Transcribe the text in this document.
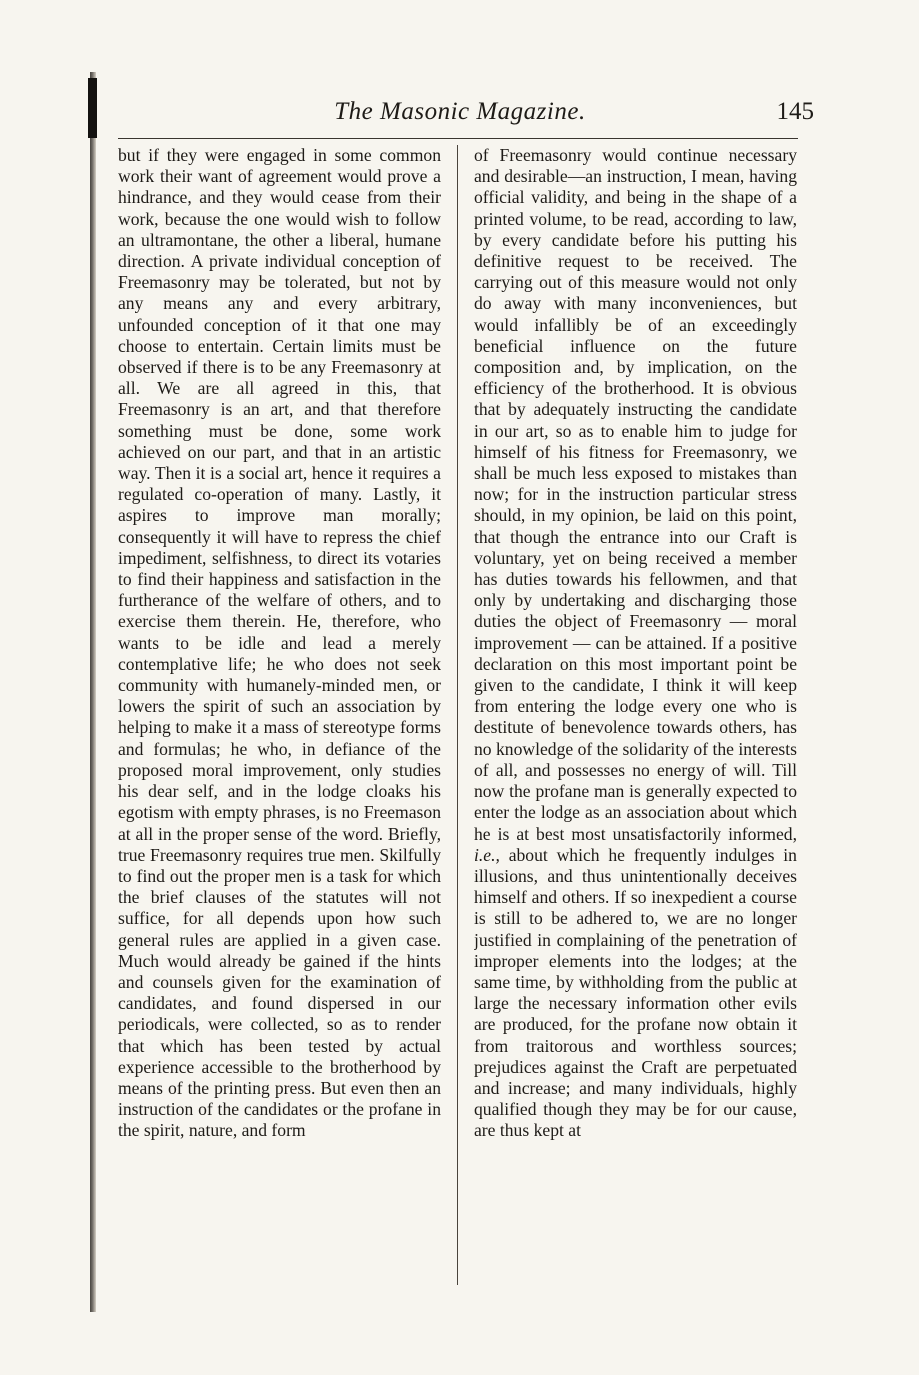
The Masonic Magazine.	145

but if they were engaged in some common work their want of agreement would prove a hindrance, and they would cease from their work, because the one would wish to follow an ultramontane, the other a liberal, humane direction. A private individual conception of Freemasonry may be tolerated, but not by any means any and every arbitrary, unfounded conception of it that one may choose to entertain. Certain limits must be observed if there is to be any Freemasonry at all. We are all agreed in this, that Freemasonry is an art, and that therefore something must be done, some work achieved on our part, and that in an artistic way. Then it is a social art, hence it requires a regulated co-operation of many. Lastly, it aspires to improve man morally; consequently it will have to repress the chief impediment, selfishness, to direct its votaries to find their happiness and satisfaction in the furtherance of the welfare of others, and to exercise them therein. He, therefore, who wants to be idle and lead a merely contemplative life; he who does not seek community with humanely-minded men, or lowers the spirit of such an association by helping to make it a mass of stereotype forms and formulas; he who, in defiance of the proposed moral improvement, only studies his dear self, and in the lodge cloaks his egotism with empty phrases, is no Freemason at all in the proper sense of the word. Briefly, true Freemasonry requires true men. Skilfully to find out the proper men is a task for which the brief clauses of the statutes will not suffice, for all depends upon how such general rules are applied in a given case. Much would already be gained if the hints and counsels given for the examination of candidates, and found dispersed in our periodicals, were collected, so as to render that which has been tested by actual experience accessible to the brotherhood by means of the printing press. But even then an instruction of the candidates or the profane in the spirit, nature, and form

of Freemasonry would continue necessary and desirable—an instruction, I mean, having official validity, and being in the shape of a printed volume, to be read, according to law, by every candidate before his putting his definitive request to be received. The carrying out of this measure would not only do away with many inconveniences, but would infallibly be of an exceedingly beneficial influence on the future composition and, by implication, on the efficiency of the brotherhood. It is obvious that by adequately instructing the candidate in our art, so as to enable him to judge for himself of his fitness for Freemasonry, we shall be much less exposed to mistakes than now; for in the instruction particular stress should, in my opinion, be laid on this point, that though the entrance into our Craft is voluntary, yet on being received a member has duties towards his fellowmen, and that only by undertaking and discharging those duties the object of Freemasonry — moral improvement — can be attained. If a positive declaration on this most important point be given to the candidate, I think it will keep from entering the lodge every one who is destitute of benevolence towards others, has no knowledge of the solidarity of the interests of all, and possesses no energy of will. Till now the profane man is generally expected to enter the lodge as an association about which he is at best most unsatisfactorily informed, i.e., about which he frequently indulges in illusions, and thus unintentionally deceives himself and others. If so inexpedient a course is still to be adhered to, we are no longer justified in complaining of the penetration of improper elements into the lodges; at the same time, by withholding from the public at large the necessary information other evils are produced, for the profane now obtain it from traitorous and worthless sources; prejudices against the Craft are perpetuated and increase; and many individuals, highly qualified though they may be for our cause, are thus kept at
